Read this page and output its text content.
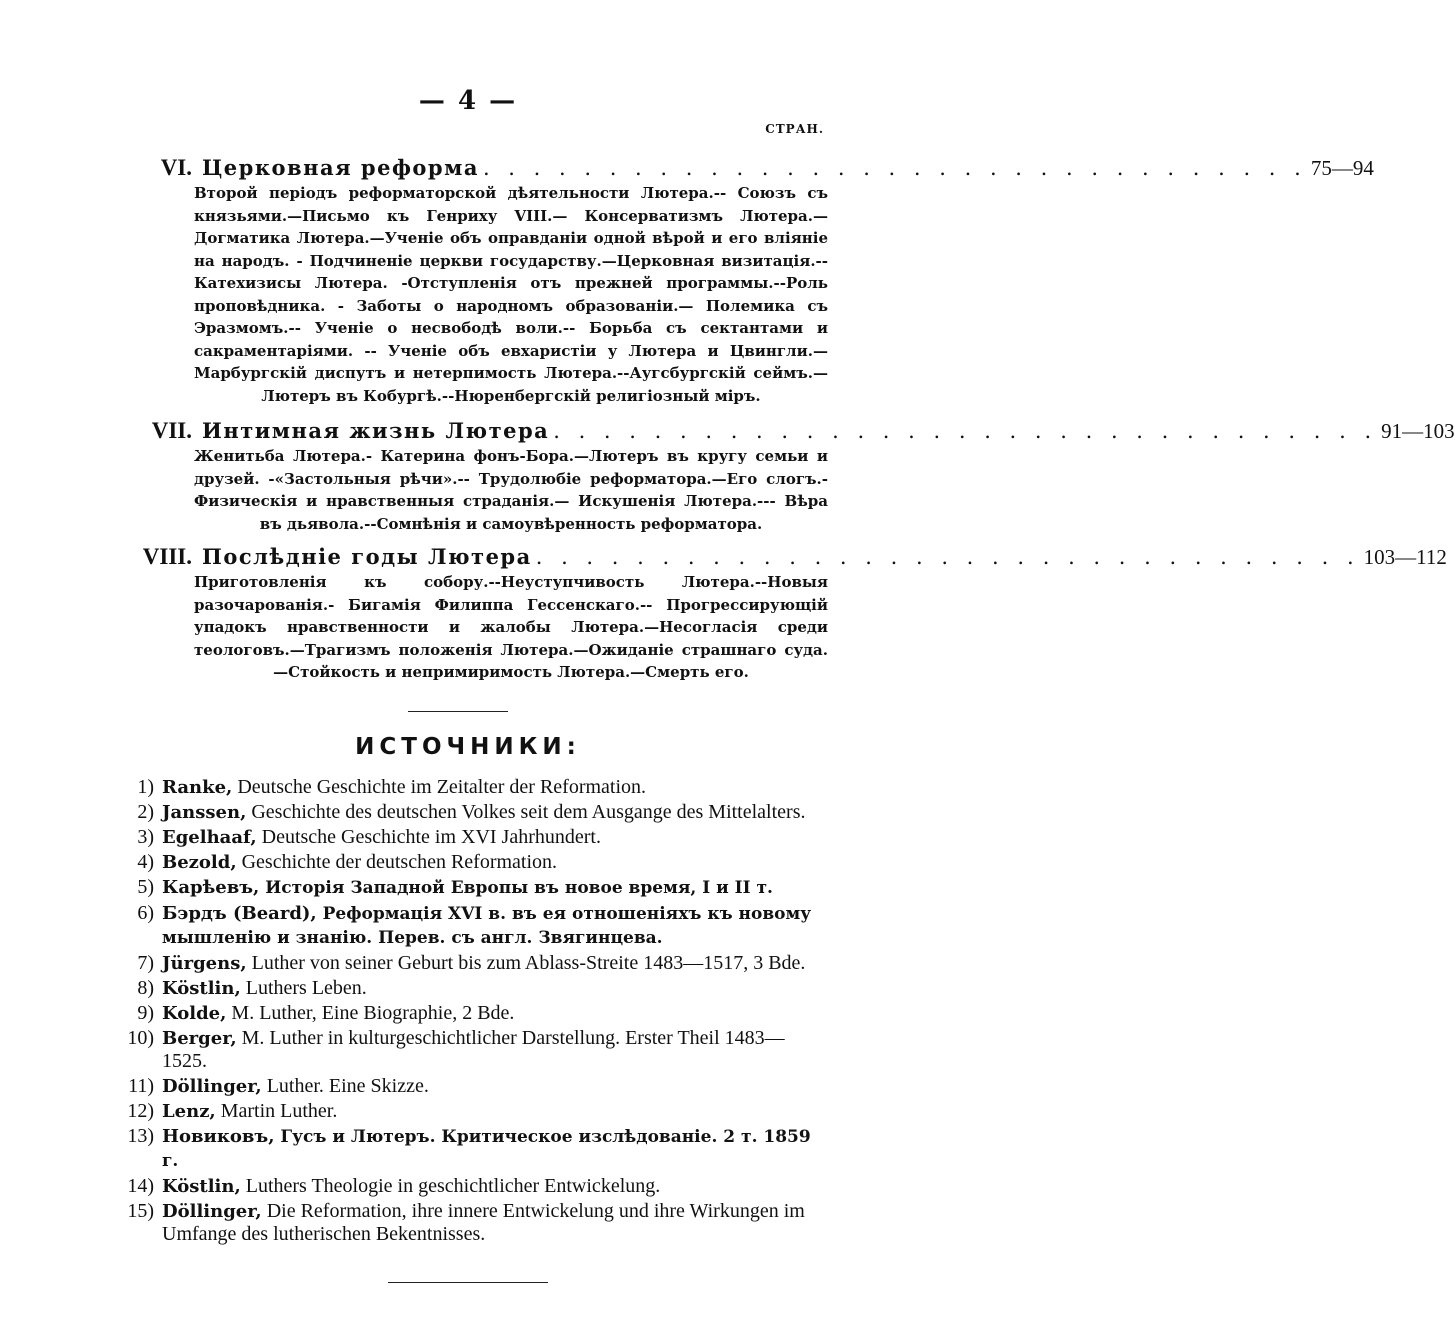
— 4 —
СТРАН.
VI. Церковная реформа . . . . . . . . . . . . . . . . . . . . . . . . . . . . . . . . . 75—94
Второй періодъ реформаторской дѣятельности Лютера.-- Союзъ съ князьями.—Письмо къ Генриху VIII.— Консерватизмъ Лютера.—Догматика Лютера.—Ученіе объ оправданіи одной вѣрой и его вліяніе на народъ. - Подчиненіе церкви государству.—Церковная визитація.--Катехизисы Лютера. -Отступленія отъ прежней программы.--Роль проповѣдника. - Заботы о народномъ образованіи.— Полемика съ Эразмомъ.-- Ученіе о несвободѣ воли.-- Борьба съ сектантами и сакраментаріями. -- Ученіе объ евхаристіи у Лютера и Цвингли.—Марбургскій диспутъ и нетерпимость Лютера.--Аугсбургскій сеймъ.—Лютеръ въ Кобургѣ.--Нюренбергскій религіозный міръ.
VII. Интимная жизнь Лютера . . . . . . . . . . . . . . . . . . . . . . . . . . . . . . . . . 91—103
Женитьба Лютера.- Катерина фонъ-Бора.—Лютеръ въ кругу семьи и друзей. -«Застольныя рѣчи».-- Трудолюбіе реформатора.—Его слогъ.- Физическія и нравственныя страданія.— Искушенія Лютера.--- Вѣра въ дьявола.--Сомнѣнія и самоувѣренность реформатора.
VIII. Послѣдніе годы Лютера . . . . . . . . . . . . . . . . . . . . . . . . . . . . . . . . . 103—112
Приготовленія къ собору.--Неуступчивость Лютера.--Новыя разочарованія.- Бигамія Филиппа Гессенскаго.-- Прогрессирующій упадокъ нравственности и жалобы Лютера.—Несогласія среди теологовъ.—Трагизмъ положенія Лютера.—Ожиданіе страшнаго суда.—Стойкость и непримиримость Лютера.—Смерть его.
ИСТОЧНИКИ:
1) Ranke, Deutsche Geschichte im Zeitalter der Reformation.
2) Janssen, Geschichte des deutschen Volkes seit dem Ausgange des Mittelalters.
3) Egelhaaf, Deutsche Geschichte im XVI Jahrhundert.
4) Bezold, Geschichte der deutschen Reformation.
5) Карѣевъ, Исторія Западной Европы въ новое время, I и II т.
6) Бэрдъ (Beard), Реформація XVI в. въ ея отношеніяхъ къ новому мышленію и знанію. Перев. съ англ. Звягинцева.
7) Jürgens, Luther von seiner Geburt bis zum Ablass-Streite 1483—1517, 3 Bde.
8) Köstlin, Luthers Leben.
9) Kolde, M. Luther, Eine Biographie, 2 Bde.
10) Berger, M. Luther in kulturgeschichtlicher Darstellung. Erster Theil 1483—1525.
11) Döllinger, Luther. Eine Skizze.
12) Lenz, Martin Luther.
13) Новиковъ, Гусъ и Лютеръ. Критическое изслѣдованіе. 2 т. 1859 г.
14) Köstlin, Luthers Theologie in geschichtlicher Entwickelung.
15) Döllinger, Die Reformation, ihre innere Entwickelung und ihre Wirkungen im Umfange des lutherischen Bekentnisses.
